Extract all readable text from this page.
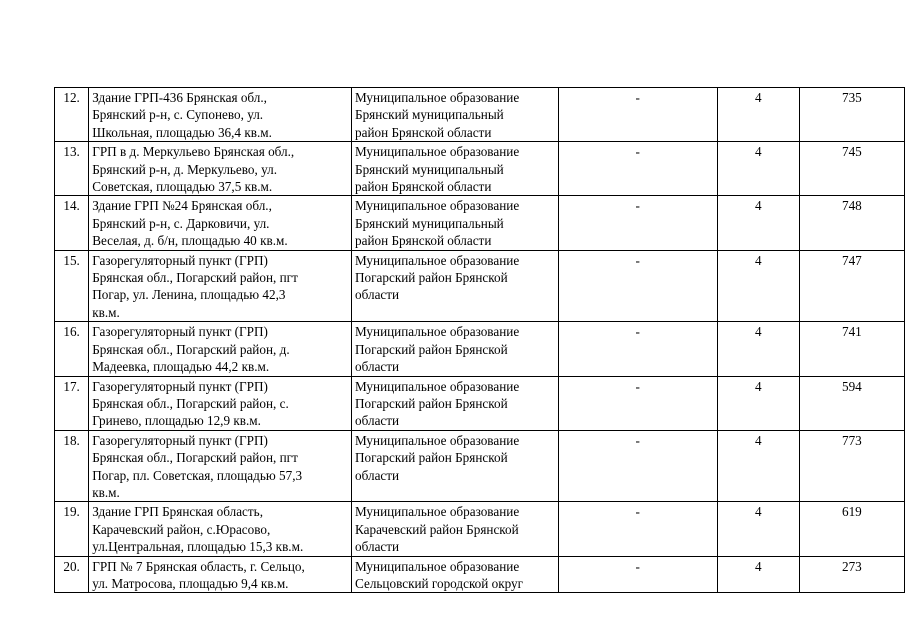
12.	Здание ГРП-436 Брянская обл.,
Брянский р-н, с. Супонево, ул.
Школьная, площадью 36,4 кв.м.	Муниципальное образование
Брянский муниципальный
район Брянской области	-	4	735
13.	ГРП в д. Меркульево Брянская обл.,
Брянский р-н, д. Меркульево, ул.
Советская, площадью 37,5 кв.м.	Муниципальное образование
Брянский муниципальный
район Брянской области	-	4	745
14.	Здание ГРП №24 Брянская обл.,
Брянский р-н, с. Дарковичи, ул.
Веселая, д. б/н, площадью 40 кв.м.	Муниципальное образование
Брянский муниципальный
район Брянской области	-	4	748
15.	Газорегуляторный пункт (ГРП)
Брянская обл., Погарский район, пгт
Погар, ул. Ленина, площадью 42,3
кв.м.	Муниципальное образование
Погарский район Брянской
области	-	4	747
16.	Газорегуляторный пункт (ГРП)
Брянская обл., Погарский район, д.
Мадеевка, площадью 44,2 кв.м.	Муниципальное образование
Погарский район Брянской
области	-	4	741
17.	Газорегуляторный пункт (ГРП)
Брянская обл., Погарский район, с.
Гринево, площадью 12,9 кв.м.	Муниципальное образование
Погарский район Брянской
области	-	4	594
18.	Газорегуляторный пункт (ГРП)
Брянская обл., Погарский район, пгт
Погар, пл. Советская, площадью 57,3
кв.м.	Муниципальное образование
Погарский район Брянской
области	-	4	773
19.	Здание ГРП Брянская область,
Карачевский район, с.Юрасово,
ул.Центральная, площадью 15,3 кв.м.	Муниципальное образование
Карачевский район Брянской
области	-	4	619
20.	ГРП № 7 Брянская область, г. Сельцо,
ул. Матросова, площадью 9,4 кв.м.	Муниципальное образование
Сельцовский городской округ	-	4	273
